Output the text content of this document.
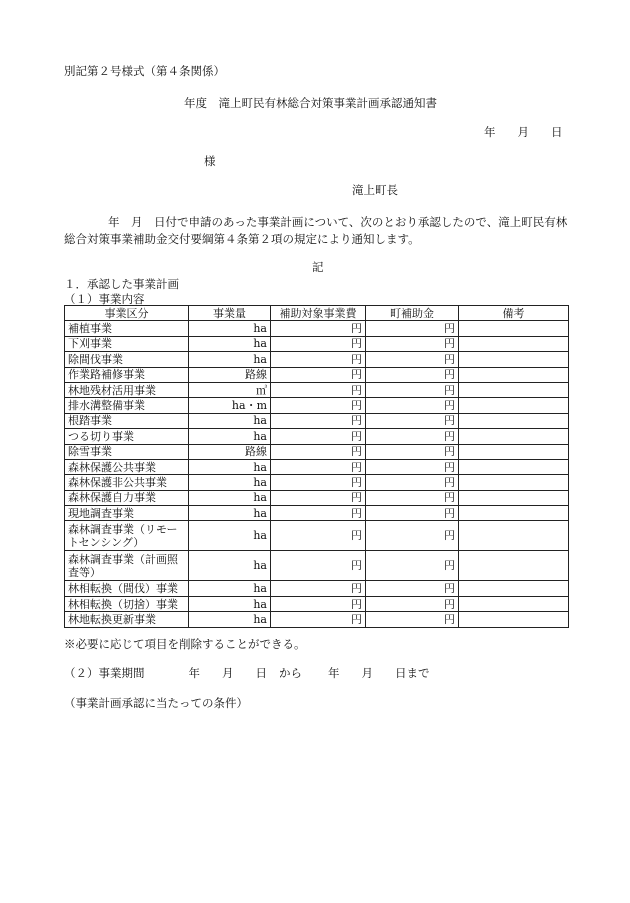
別記第２号様式（第４条関係）
年度　滝上町民有林総合対策事業計画承認通知書
年 月 日
様
滝上町長
年　月　日付で申請のあった事業計画について、次のとおり承認したので、滝上町民有林総合対策事業補助金交付要綱第４条第２項の規定により通知します。
記
１．承認した事業計画
（１）事業内容
事業区分	事業量	補助対象事業費	町補助金	備考
補植事業	ha	円	円	
下刈事業	ha	円	円	
除間伐事業	ha	円	円	
作業路補修事業	路線	円	円	
林地残材活用事業	㎥	円	円	
排水溝整備事業	ha・m	円	円	
根踏事業	ha	円	円	
つる切り事業	ha	円	円	
除雪事業	路線	円	円	
森林保護公共事業	ha	円	円	
森林保護非公共事業	ha	円	円	
森林保護自力事業	ha	円	円	
現地調査事業	ha	円	円	
森林調査事業（リモートセンシング）	ha	円	円	
森林調査事業（計画照査等）	ha	円	円	
林相転換（間伐）事業	ha	円	円	
林相転換（切捨）事業	ha	円	円	
林地転換更新事業	ha	円	円	
※必要に応じて項目を削除することができる。
（２）事業期間	年 月 日 から 年 月 日まで
（事業計画承認に当たっての条件）
